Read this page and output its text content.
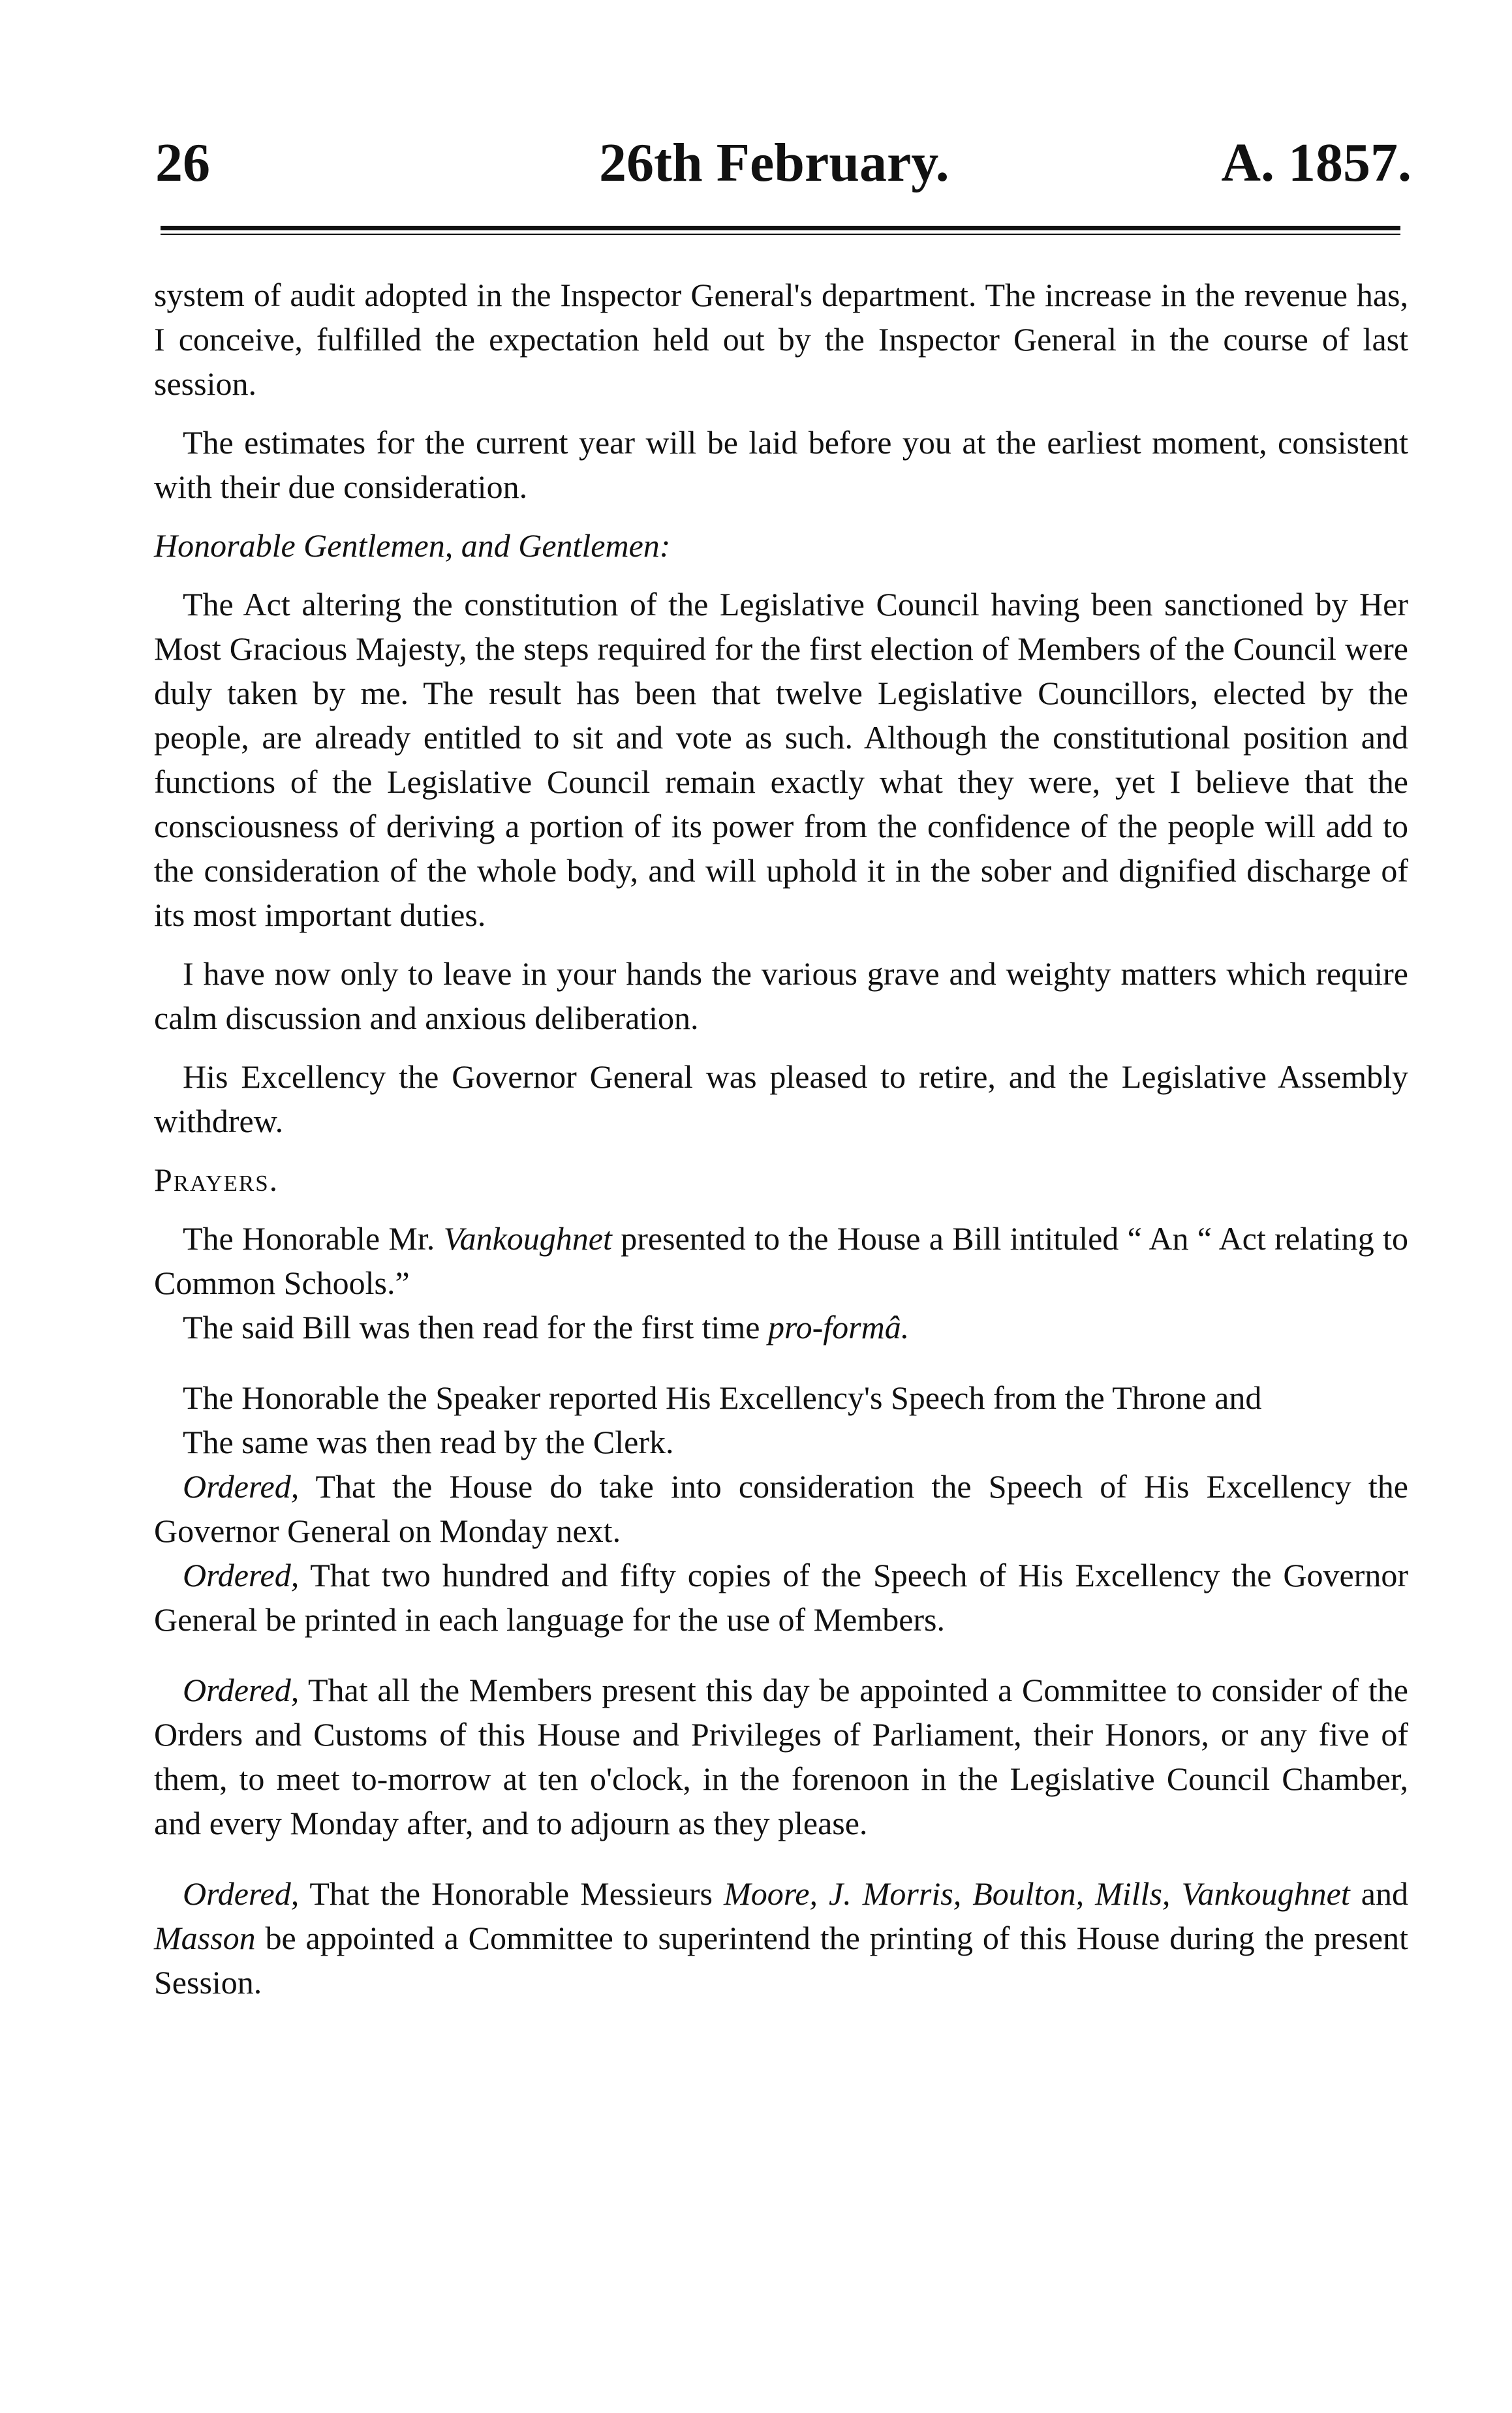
26	26th February.	A. 1857.

system of audit adopted in the Inspector General's department. The increase in the revenue has, I conceive, fulfilled the expectation held out by the Inspector General in the course of last session.

The estimates for the current year will be laid before you at the earliest moment, consistent with their due consideration.

Honorable Gentlemen, and Gentlemen:

The Act altering the constitution of the Legislative Council having been sanctioned by Her Most Gracious Majesty, the steps required for the first election of Members of the Council were duly taken by me. The result has been that twelve Legislative Councillors, elected by the people, are already entitled to sit and vote as such. Although the constitutional position and functions of the Legislative Council remain exactly what they were, yet I believe that the consciousness of deriving a portion of its power from the confidence of the people will add to the consideration of the whole body, and will uphold it in the sober and dignified discharge of its most important duties.

I have now only to leave in your hands the various grave and weighty matters which require calm discussion and anxious deliberation.

His Excellency the Governor General was pleased to retire, and the Legislative Assembly withdrew.

Prayers.

The Honorable Mr. Vankoughnet presented to the House a Bill intituled “ An “ Act relating to Common Schools.”

The said Bill was then read for the first time pro-formâ.

The Honorable the Speaker reported His Excellency's Speech from the Throne and

The same was then read by the Clerk.

Ordered, That the House do take into consideration the Speech of His Excellency the Governor General on Monday next.

Ordered, That two hundred and fifty copies of the Speech of His Excellency the Governor General be printed in each language for the use of Members.

Ordered, That all the Members present this day be appointed a Committee to consider of the Orders and Customs of this House and Privileges of Parliament, their Honors, or any five of them, to meet to-morrow at ten o'clock, in the forenoon in the Legislative Council Chamber, and every Monday after, and to adjourn as they please.

Ordered, That the Honorable Messieurs Moore, J. Morris, Boulton, Mills, Vankoughnet and Masson be appointed a Committee to superintend the printing of this House during the present Session.
